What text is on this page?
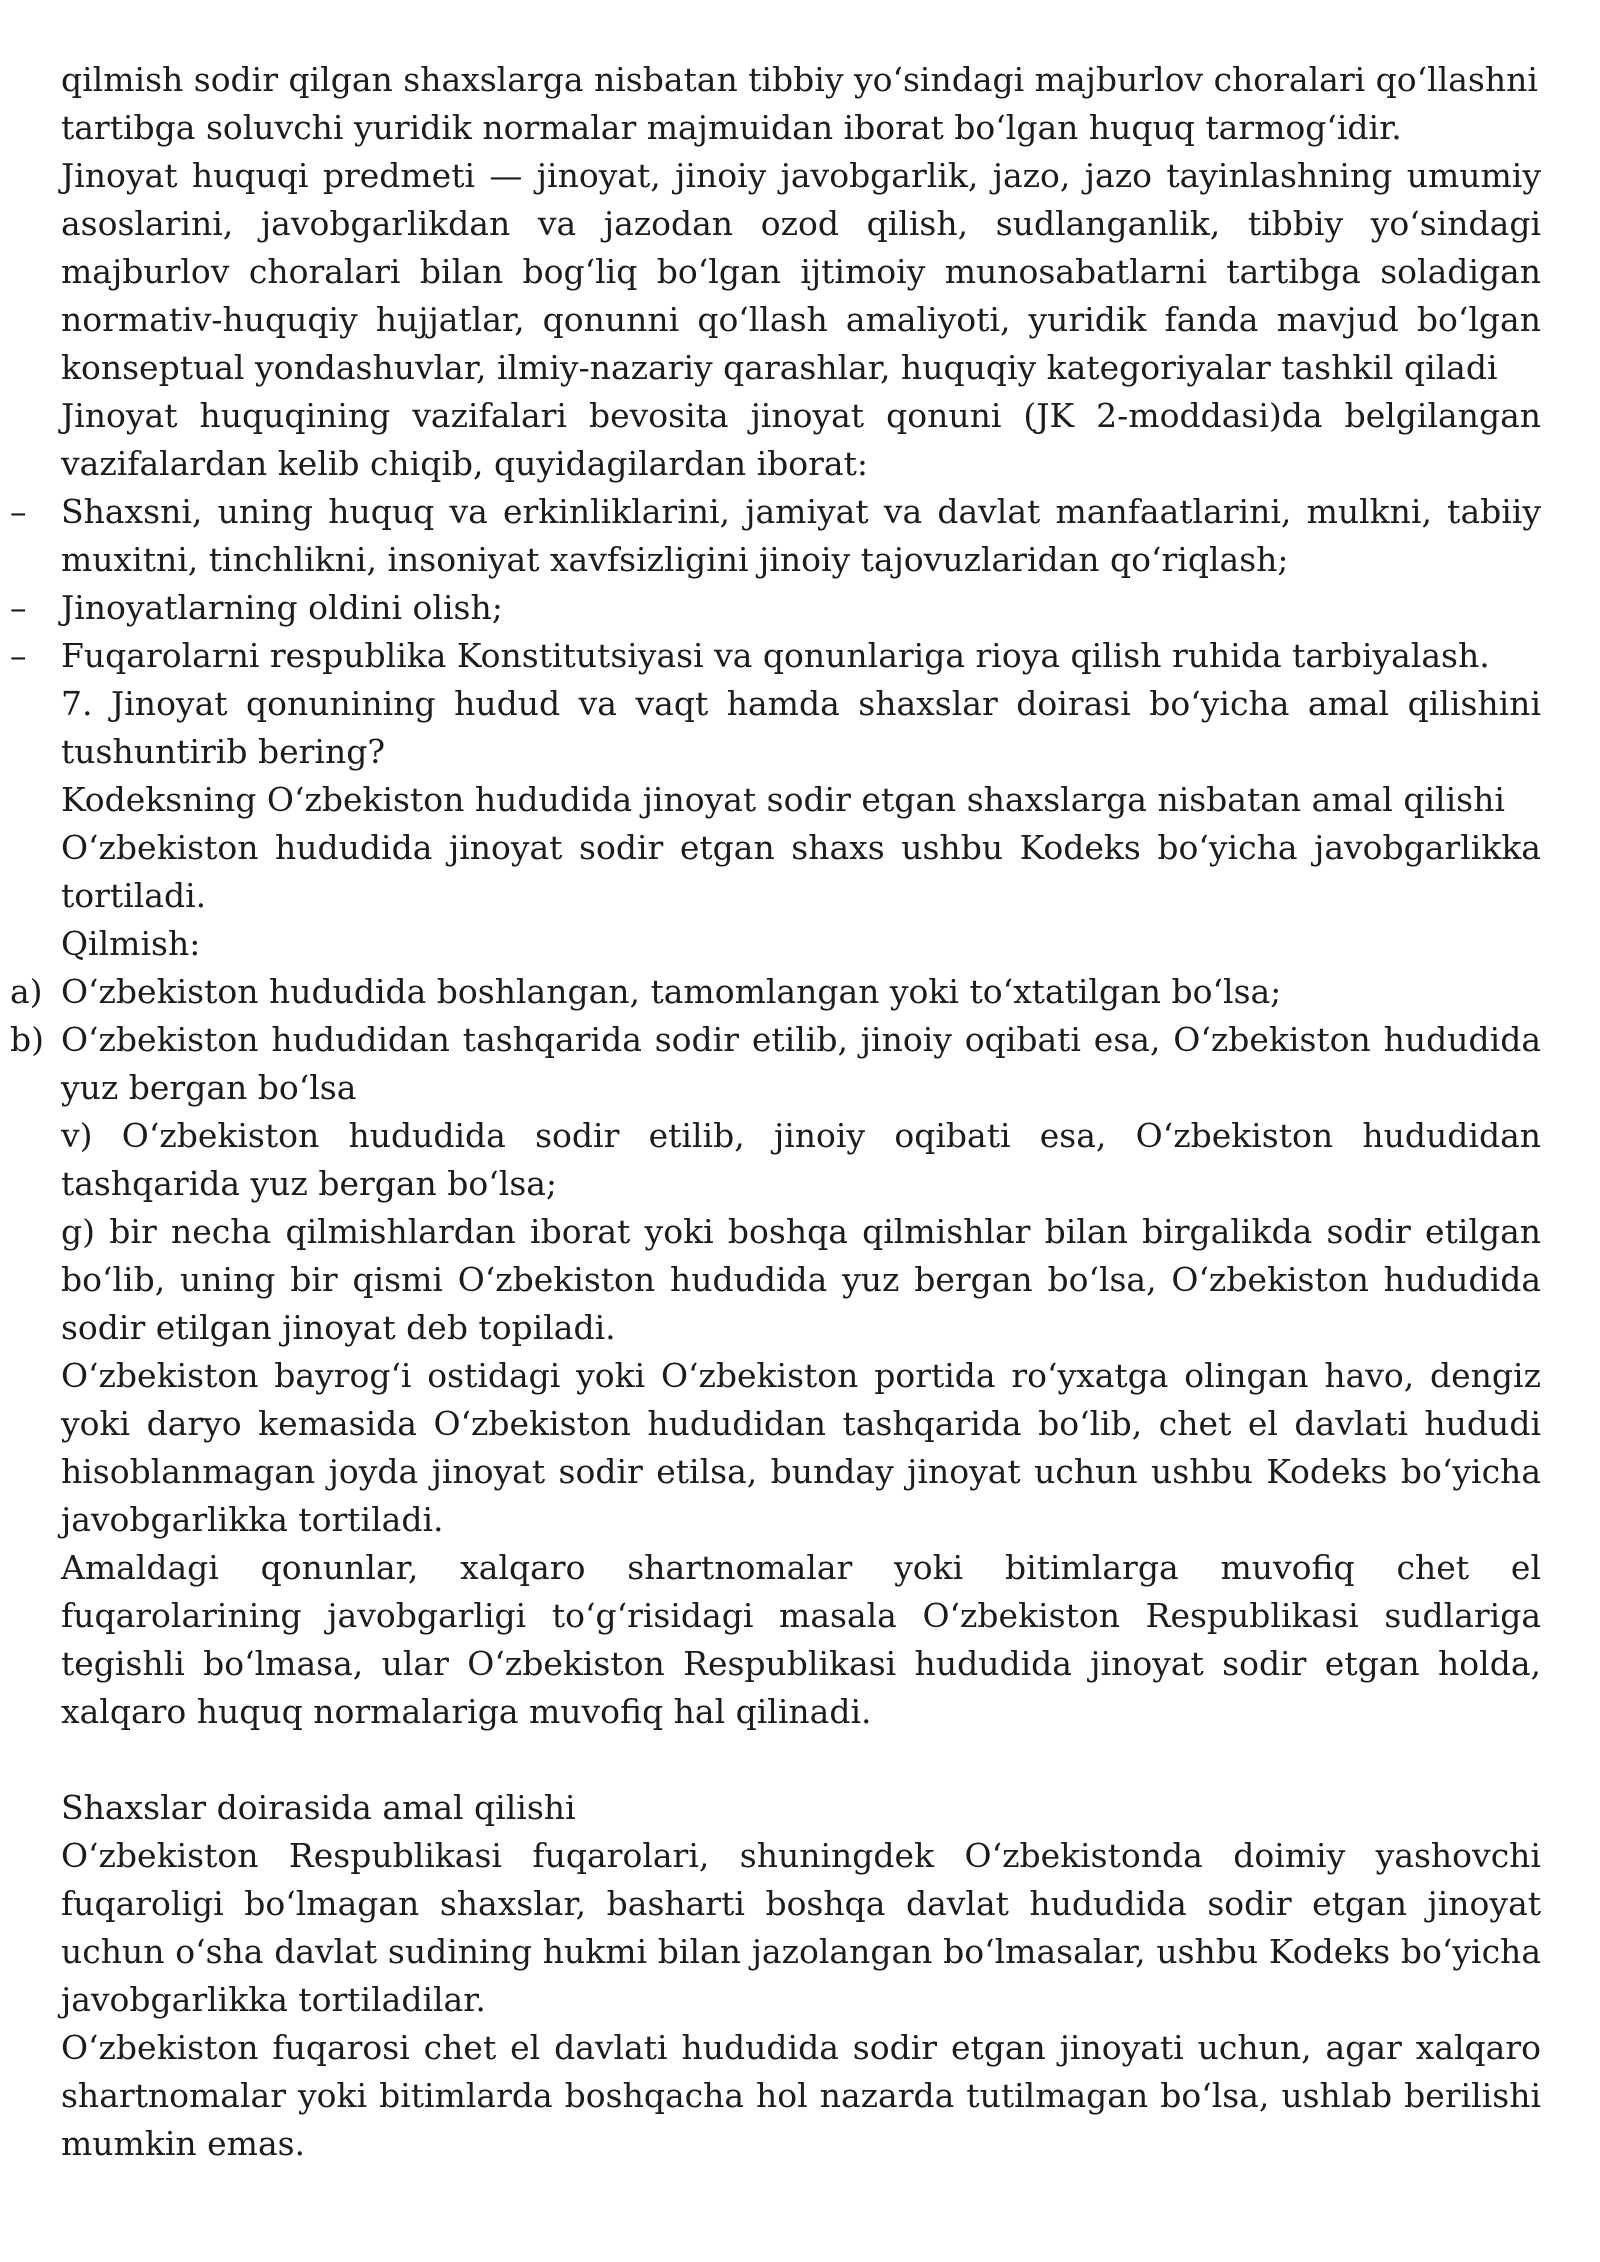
qilmish sodir qilgan shaxslarga nisbatan tibbiy yo‘sindagi majburlov choralari qo‘llashni tartibga soluvchi yuridik normalar majmuidan iborat bo‘lgan huquq tarmog‘idir.

Jinoyat huquqi predmeti — jinoyat, jinoiy javobgarlik, jazo, jazo tayinlashning umumiy asoslarini, javobgarlikdan va jazodan ozod qilish, sudlanganlik, tibbiy yo‘sindagi majburlov choralari bilan bog‘liq bo‘lgan ijtimoiy munosabatlarni tartibga soladigan normativ-huquqiy hujjatlar, qonunni qo‘llash amaliyoti, yuridik fanda mavjud bo‘lgan konseptual yondashuvlar, ilmiy-nazariy qarashlar, huquqiy kategoriyalar tashkil qiladi

Jinoyat huquqining vazifalari bevosita jinoyat qonuni (JK 2-moddasi)da belgilangan vazifalardan kelib chiqib, quyidagilardan iborat:

–	Shaxsni, uning huquq va erkinliklarini, jamiyat va davlat manfaatlarini, mulkni, tabiiy muxitni, tinchlikni, insoniyat xavfsizligini jinoiy tajovuzlaridan qo‘riqlash;
–	Jinoyatlarning oldini olish;
–	Fuqarolarni respublika Konstitutsiyasi va qonunlariga rioya qilish ruhida tarbiyalash.

7. Jinoyat qonunining hudud va vaqt hamda shaxslar doirasi bo‘yicha amal qilishini tushuntirib bering?

Kodeksning O‘zbekiston hududida jinoyat sodir etgan shaxslarga nisbatan amal qilishi

O‘zbekiston hududida jinoyat sodir etgan shaxs ushbu Kodeks bo‘yicha javobgarlikka tortiladi.

Qilmish:

a) O‘zbekiston hududida boshlangan, tamomlangan yoki to‘xtatilgan bo‘lsa;
b) O‘zbekiston hududidan tashqarida sodir etilib, jinoiy oqibati esa, O‘zbekiston hududida yuz bergan bo‘lsa

v) O‘zbekiston hududida sodir etilib, jinoiy oqibati esa, O‘zbekiston hududidan tashqarida yuz bergan bo‘lsa;

g) bir necha qilmishlardan iborat yoki boshqa qilmishlar bilan birgalikda sodir etilgan bo‘lib, uning bir qismi O‘zbekiston hududida yuz bergan bo‘lsa, O‘zbekiston hududida sodir etilgan jinoyat deb topiladi.

O‘zbekiston bayrog‘i ostidagi yoki O‘zbekiston portida ro‘yxatga olingan havo, dengiz yoki daryo kemasida O‘zbekiston hududidan tashqarida bo‘lib, chet el davlati hududi hisoblanmagan joyda jinoyat sodir etilsa, bunday jinoyat uchun ushbu Kodeks bo‘yicha javobgarlikka tortiladi.

Amaldagi qonunlar, xalqaro shartnomalar yoki bitimlarga muvofiq chet el fuqarolarining javobgarligi to‘g‘risidagi masala O‘zbekiston Respublikasi sudlariga tegishli bo‘lmasa, ular O‘zbekiston Respublikasi hududida jinoyat sodir etgan holda, xalqaro huquq normalariga muvofiq hal qilinadi.

Shaxslar doirasida amal qilishi

O‘zbekiston Respublikasi fuqarolari, shuningdek O‘zbekistonda doimiy yashovchi fuqaroligi bo‘lmagan shaxslar, basharti boshqa davlat hududida sodir etgan jinoyat uchun o‘sha davlat sudining hukmi bilan jazolangan bo‘lmasalar, ushbu Kodeks bo‘yicha javobgarlikka tortiladilar.

O‘zbekiston fuqarosi chet el davlati hududida sodir etgan jinoyati uchun, agar xalqaro shartnomalar yoki bitimlarda boshqacha hol nazarda tutilmagan bo‘lsa, ushlab berilishi mumkin emas.
